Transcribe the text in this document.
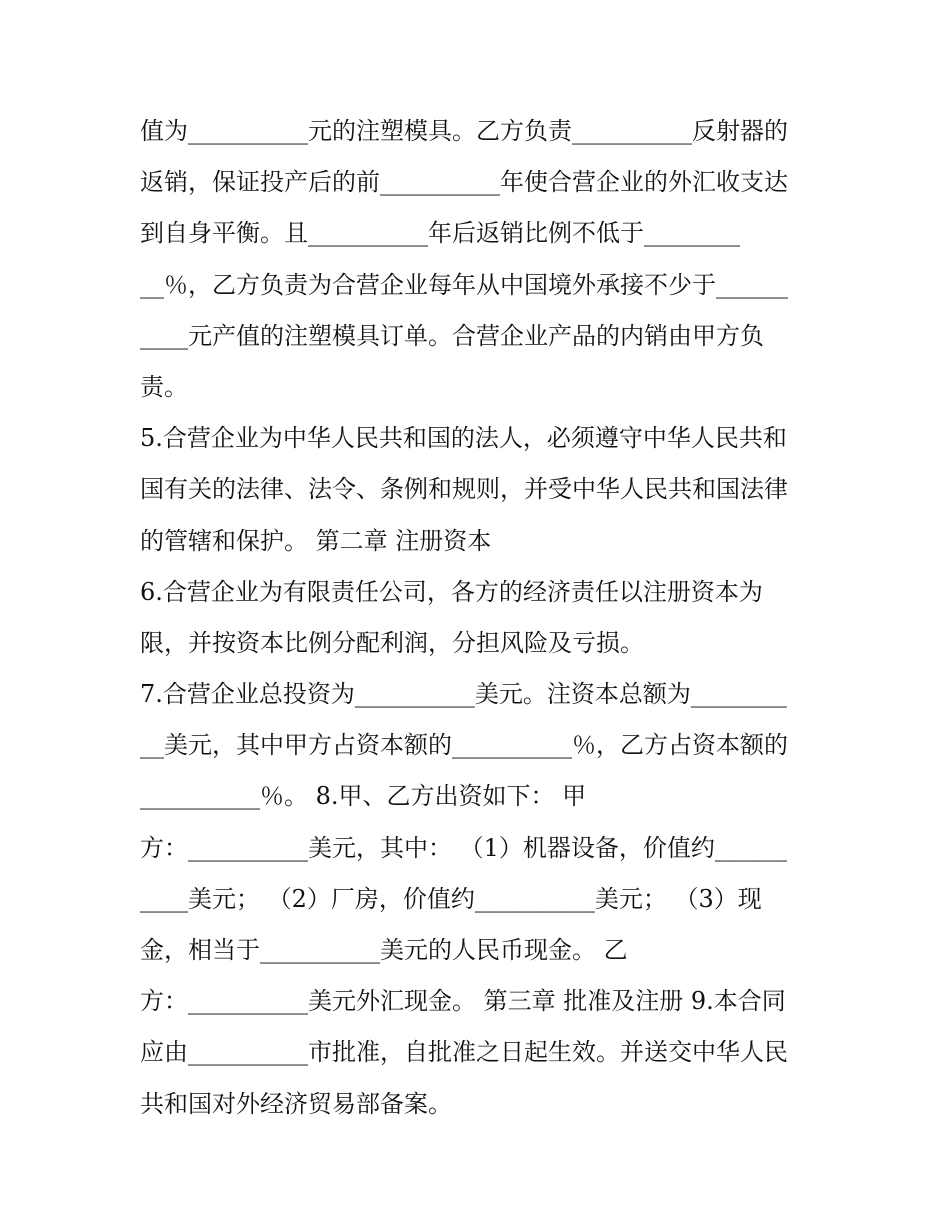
值为__________元的注塑模具。乙方负责__________反射器的
返销，保证投产后的前__________年使合营企业的外汇收支达
到自身平衡。且__________年后返销比例不低于________
__％，乙方负责为合营企业每年从中国境外承接不少于______
____元产值的注塑模具订单。合营企业产品的内销由甲方负
责。
5.合营企业为中华人民共和国的法人，必须遵守中华人民共和
国有关的法律、法令、条例和规则，并受中华人民共和国法律
的管辖和保护。 第二章 注册资本
6.合营企业为有限责任公司，各方的经济责任以注册资本为
限，并按资本比例分配利润，分担风险及亏损。
7.合营企业总投资为__________美元。注资本总额为________
__美元，其中甲方占资本额的__________％，乙方占资本额的
__________％。 8.甲、乙方出资如下： 甲
方：__________美元，其中： （1）机器设备，价值约______
____美元； （2）厂房，价值约__________美元； （3）现
金，相当于__________美元的人民币现金。 乙
方：__________美元外汇现金。 第三章 批准及注册 9.本合同
应由__________市批准，自批准之日起生效。并送交中华人民
共和国对外经济贸易部备案。
